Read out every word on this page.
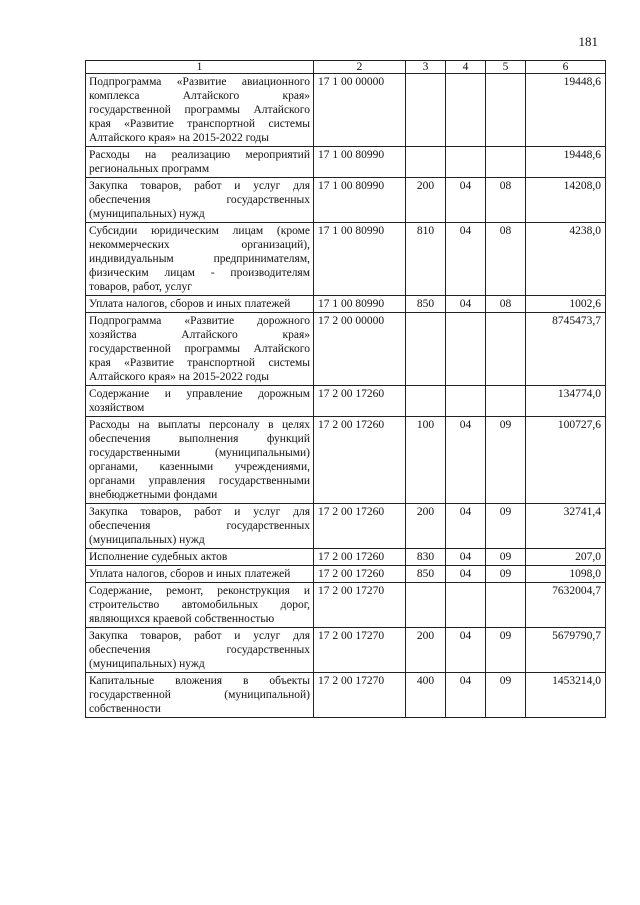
181
1	2	3	4	5	6
Подпрограмма «Развитие авиационного комплекса Алтайского края» государственной программы Алтайского края «Развитие транспортной системы Алтайского края» на 2015-2022 годы	17 1 00 00000				19448,6
Расходы на реализацию мероприятий региональных программ	17 1 00 80990				19448,6
Закупка товаров, работ и услуг для обеспечения государственных (муниципальных) нужд	17 1 00 80990	200	04	08	14208,0
Субсидии юридическим лицам (кроме некоммерческих организаций), индивидуальным предпринимателям, физическим лицам - производителям товаров, работ, услуг	17 1 00 80990	810	04	08	4238,0
Уплата налогов, сборов и иных платежей	17 1 00 80990	850	04	08	1002,6
Подпрограмма «Развитие дорожного хозяйства Алтайского края» государственной программы Алтайского края «Развитие транспортной системы Алтайского края» на 2015-2022 годы	17 2 00 00000				8745473,7
Содержание и управление дорожным хозяйством	17 2 00 17260				134774,0
Расходы на выплаты персоналу в целях обеспечения выполнения функций государственными (муниципальными) органами, казенными учреждениями, органами управления государственными внебюджетными фондами	17 2 00 17260	100	04	09	100727,6
Закупка товаров, работ и услуг для обеспечения государственных (муниципальных) нужд	17 2 00 17260	200	04	09	32741,4
Исполнение судебных актов	17 2 00 17260	830	04	09	207,0
Уплата налогов, сборов и иных платежей	17 2 00 17260	850	04	09	1098,0
Содержание, ремонт, реконструкция и строительство автомобильных дорог, являющихся краевой собственностью	17 2 00 17270				7632004,7
Закупка товаров, работ и услуг для обеспечения государственных (муниципальных) нужд	17 2 00 17270	200	04	09	5679790,7
Капитальные вложения в объекты государственной (муниципальной) собственности	17 2 00 17270	400	04	09	1453214,0
